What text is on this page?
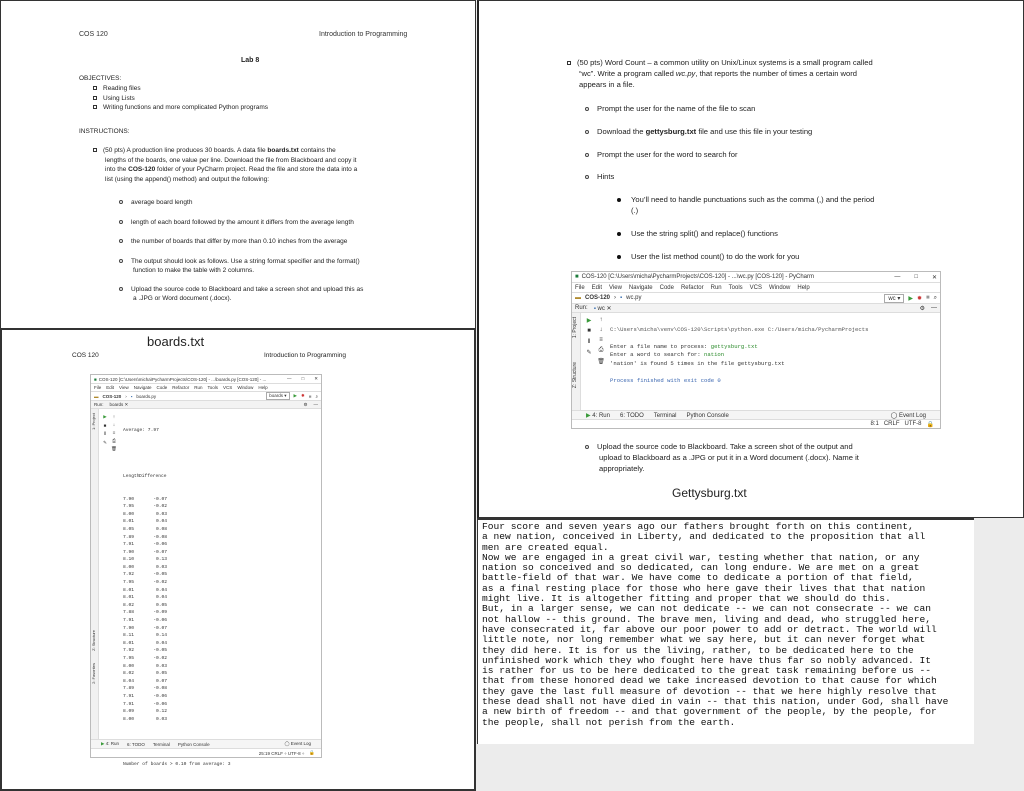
COS 120	Introduction to Programming
Lab 8
OBJECTIVES:
Reading files
Using Lists
Writing functions and more complicated Python programs
INSTRUCTIONS:
(50 pts) A production line produces 30 boards. A data file boards.txt contains the
lengths of the boards, one value per line. Download the file from Blackboard and copy it
into the COS-120 folder of your PyCharm project. Read the file and store the data into a
list (using the append() method) and output the following:
average board length
length of each board followed by the amount it differs from the average length
the number of boards that differ by more than 0.10 inches from the average
The output should look as follows. Use a string format specifier and the format()
function to make the table with 2 columns.
Upload the source code to Blackboard and take a screen shot and upload this as
a .JPG or Word document (.docx).
(50 pts) Word Count – a common utility on Unix/Linux systems is a small program called
“wc”. Write a program called wc.py, that reports the number of times a certain word
appears in a file.
Prompt the user for the name of the file to scan
Download the gettysburg.txt file and use this file in your testing
Prompt the user for the word to search for
Hints
You’ll need to handle punctuations such as the comma (,) and the period
(.)
Use the string split() and replace() functions
User the list method count() to do the work for you
■ COS-120 [C:\Users\micha\PycharmProjects\COS-120] - ...\wc.py [COS-120] - PyCharm	— □ ✕
File Edit View Navigate Code Refactor Run Tools VCS Window Help
▬ COS-120 › ▪ wc.py	wc ▾	▶ ✹ ■ ⌕
Run: ▪ wc ✕	⚙ —
1: Project
Z: Structure
▶
■
Ⅱ
✎
↑
↓
≡
⎙
🗑

C:\Users\micha\venv\COS-120\Scripts\python.exe C:/Users/micha/PycharmProjects

Enter a file name to process: gettysburg.txt
Enter a word to search for: nation
'nation' is found 5 times in the file gettysburg.txt

Process finished with exit code 0

▶ 4: Run 6: TODO Terminal Python Console	◯ Event Log
8:1 CRLF UTF-8 🔒
Upload the source code to Blackboard. Take a screen shot of the output and
upload to Blackboard as a .JPG or put it in a Word document (.docx). Name it
appropriately.
Gettysburg.txt
boards.txt
COS 120	Introduction to Programming
■ COS-120 [C:\Users\micha\PycharmProjects\COS-120] - ...\boards.py [COS-120] - ...	— □ ✕
File Edit View Navigate Code Refactor Run Tools VCS Window Help
▬ COS-120 › ▪ boards.py	boards ▾	▶ ✹ ■ ⌕
Run: boards ✕	⚙ —
1: Project
Z: Structure
2: Favorites
▶
■
Ⅱ
✎
↑
↓
≡
⎙
🗑

Average: 7.97

LengthDifference

7.90	-0.07
7.95	-0.02
8.00	0.03
8.01	0.04
8.05	0.08
7.89	-0.08
7.91	-0.06
7.90	-0.07
8.10	0.13
8.00	0.03
7.92	-0.05
7.95	-0.02
8.01	0.04
8.01	0.04
8.02	0.05
7.88	-0.09
7.91	-0.06
7.90	-0.07
8.11	0.14
8.01	0.04
7.92	-0.05
7.95	-0.02
8.00	0.03
8.02	0.05
8.04	0.07
7.89	-0.08
7.91	-0.06
7.91	-0.06
8.09	0.12
8.00	0.03

Number of boards > 0.10 from average: 3

▶ 4: Run 6: TODO Terminal Python Console	◯ Event Log
25:19 CRLF ÷ UTF-8 ÷ 🔒
Four score and seven years ago our fathers brought forth on this continent,
a new nation, conceived in Liberty, and dedicated to the proposition that all
men are created equal.
Now we are engaged in a great civil war, testing whether that nation, or any
nation so conceived and so dedicated, can long endure. We are met on a great
battle-field of that war. We have come to dedicate a portion of that field,
as a final resting place for those who here gave their lives that that nation
might live. It is altogether fitting and proper that we should do this.
But, in a larger sense, we can not dedicate -- we can not consecrate -- we can
not hallow -- this ground. The brave men, living and dead, who struggled here,
have consecrated it, far above our poor power to add or detract. The world will
little note, nor long remember what we say here, but it can never forget what
they did here. It is for us the living, rather, to be dedicated here to the
unfinished work which they who fought here have thus far so nobly advanced. It
is rather for us to be here dedicated to the great task remaining before us --
that from these honored dead we take increased devotion to that cause for which
they gave the last full measure of devotion -- that we here highly resolve that
these dead shall not have died in vain -- that this nation, under God, shall have
a new birth of freedom -- and that government of the people, by the people, for
the people, shall not perish from the earth.
